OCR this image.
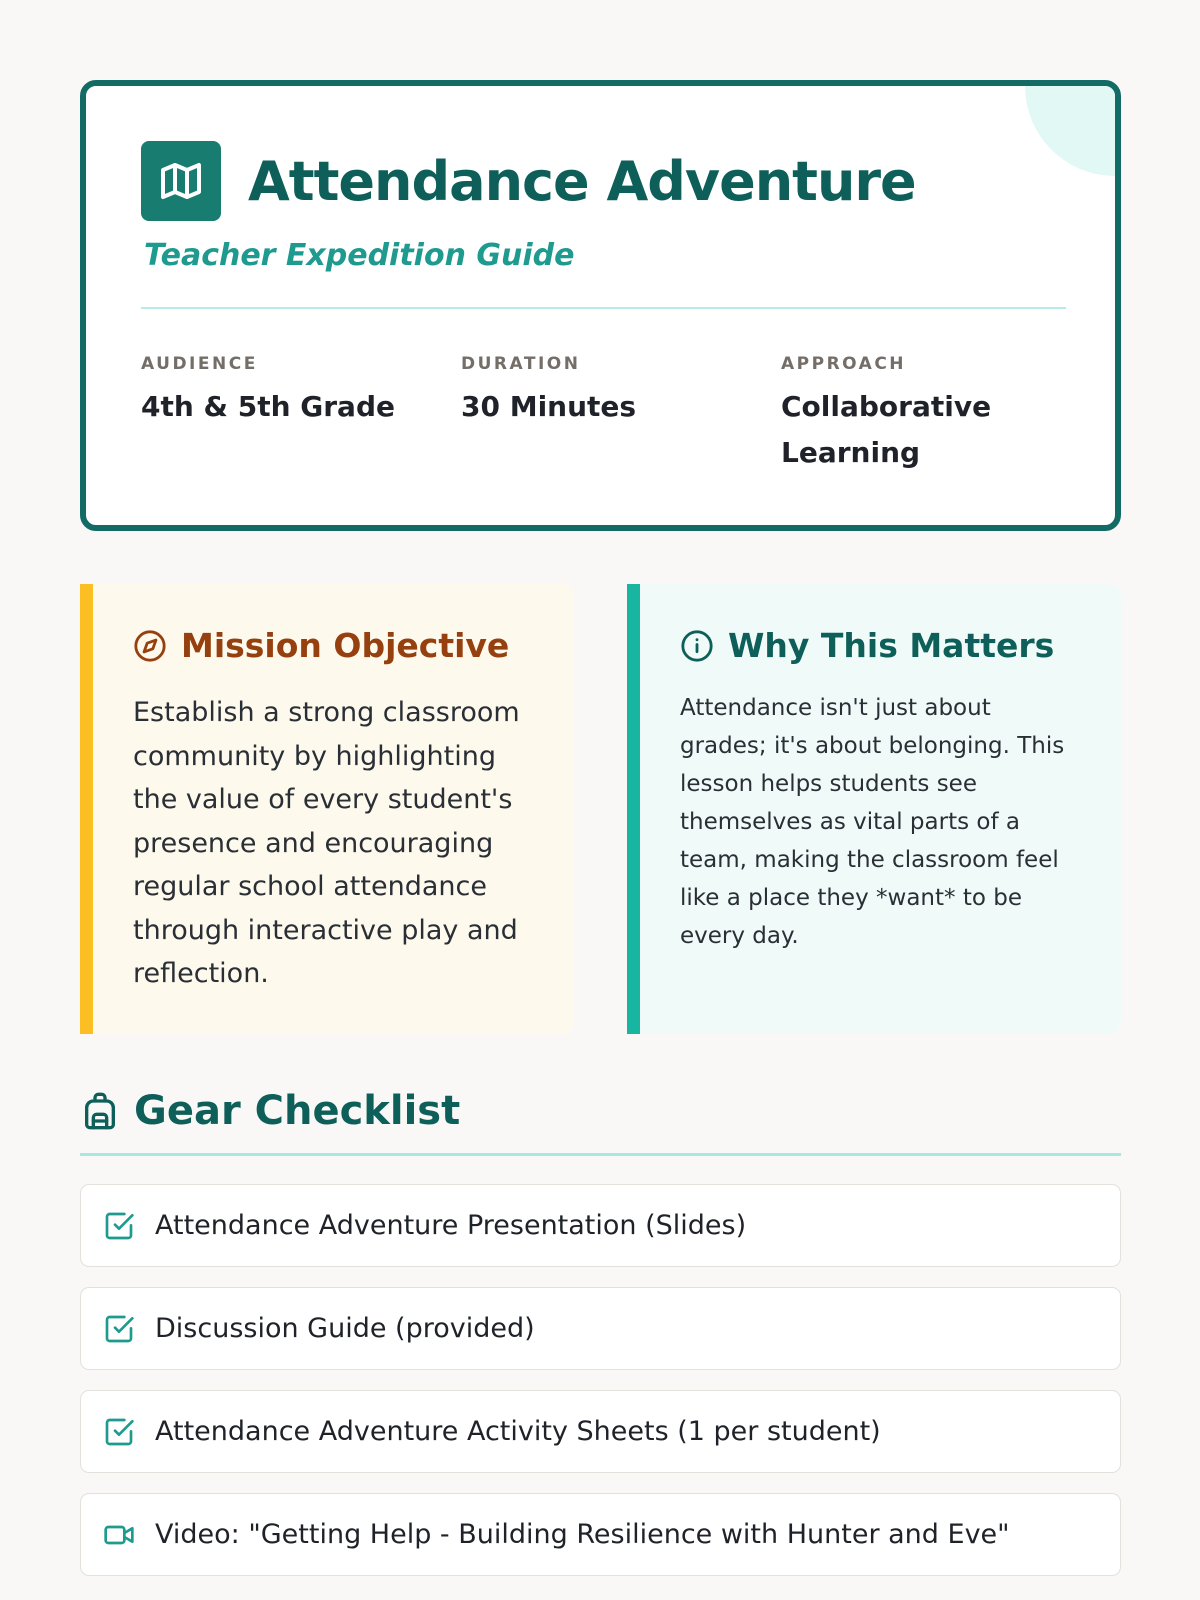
Attendance Adventure
Teacher Expedition Guide
AUDIENCE
4th & 5th Grade
DURATION
30 Minutes
APPROACH
Collaborative Learning
Mission Objective

Establish a strong classroom community by highlighting the value of every student's presence and encouraging regular school attendance through interactive play and reflection.

Why This Matters

Attendance isn't just about grades; it's about belonging. This lesson helps students see themselves as vital parts of a team, making the classroom feel like a place they *want* to be every day.

Gear Checklist
Attendance Adventure Presentation (Slides)
Discussion Guide (provided)
Attendance Adventure Activity Sheets (1 per student)
Video: "Getting Help - Building Resilience with Hunter and Eve"
